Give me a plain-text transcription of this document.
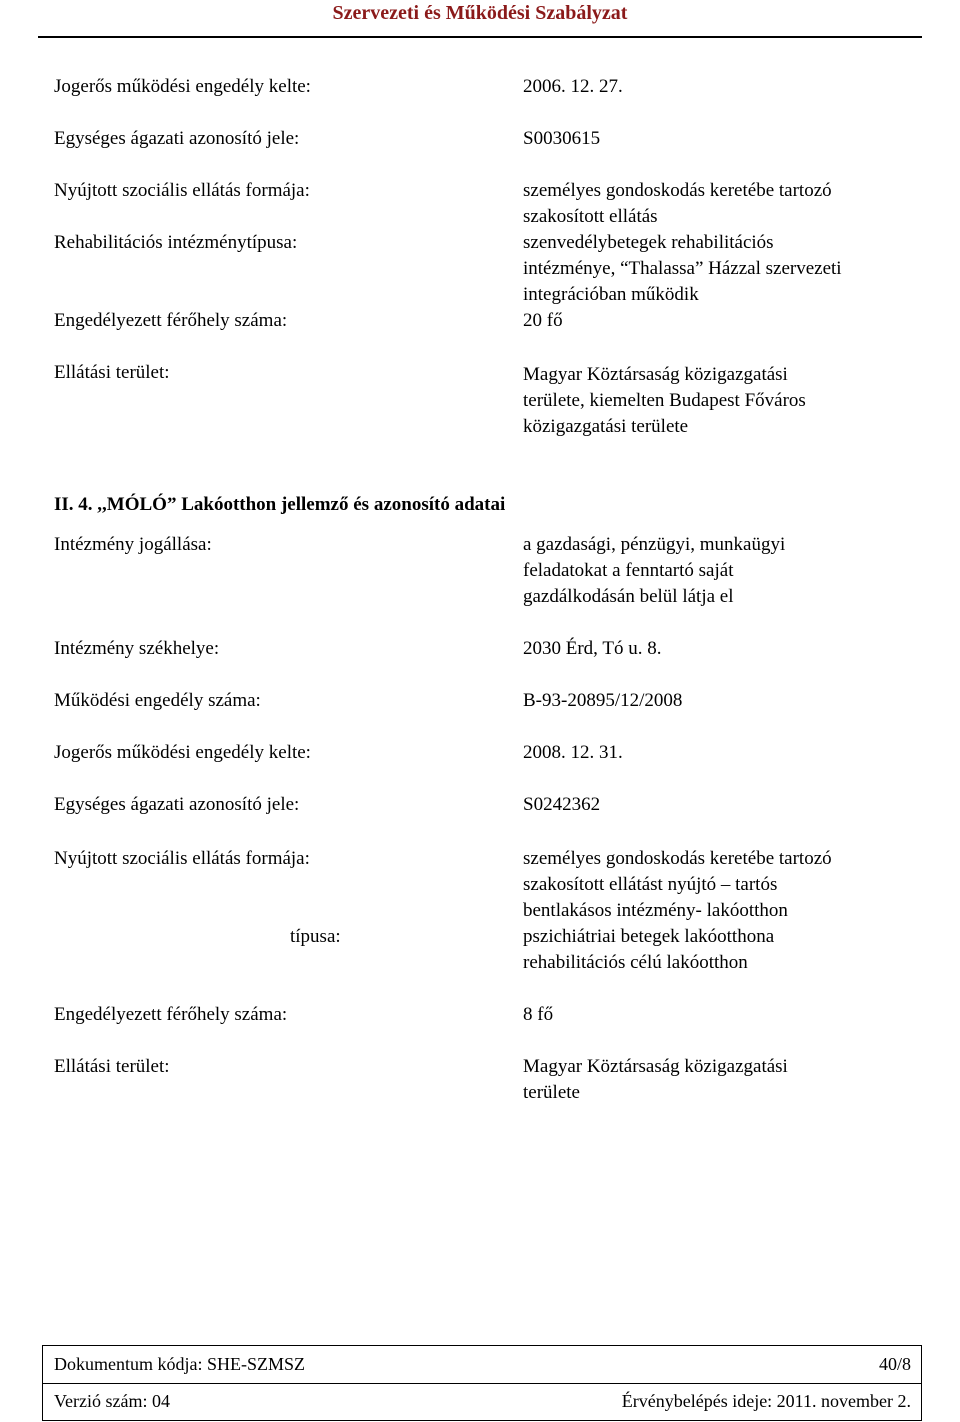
Szervezeti és Működési Szabályzat
Jogerős működési engedély kelte:	2006. 12. 27.
Egységes ágazati azonosító jele:	S0030615
Nyújtott szociális ellátás formája:	személyes gondoskodás keretébe tartozó
szakosított ellátás
Rehabilitációs intézménytípusa:	szenvedélybetegek rehabilitációs
intézménye, “Thalassa” Házzal szervezeti
integrációban működik
Engedélyezett férőhely száma:	20 fő
Ellátási terület:	Magyar Köztársaság közigazgatási
területe, kiemelten Budapest Főváros
közigazgatási területe
II. 4. ,,MÓLÓ” Lakóotthon jellemző és azonosító adatai
Intézmény jogállása:	a gazdasági, pénzügyi, munkaügyi
feladatokat a fenntartó saját
gazdálkodásán belül látja el
Intézmény székhelye:	2030 Érd, Tó u. 8.
Működési engedély száma:	B-93-20895/12/2008
Jogerős működési engedély kelte:	2008. 12. 31.
Egységes ágazati azonosító jele:	S0242362
Nyújtott szociális ellátás formája:	személyes gondoskodás keretébe tartozó
szakosított ellátást nyújtó – tartós
bentlakásos intézmény- lakóotthon
típusa:	pszichiátriai betegek lakóotthona
rehabilitációs célú lakóotthon
Engedélyezett férőhely száma:	8 fő
Ellátási terület:	Magyar Köztársaság közigazgatási
területe
Dokumentum kódja: SHE-SZMSZ	40/8
Verzió szám: 04	Érvénybelépés ideje: 2011. november 2.
